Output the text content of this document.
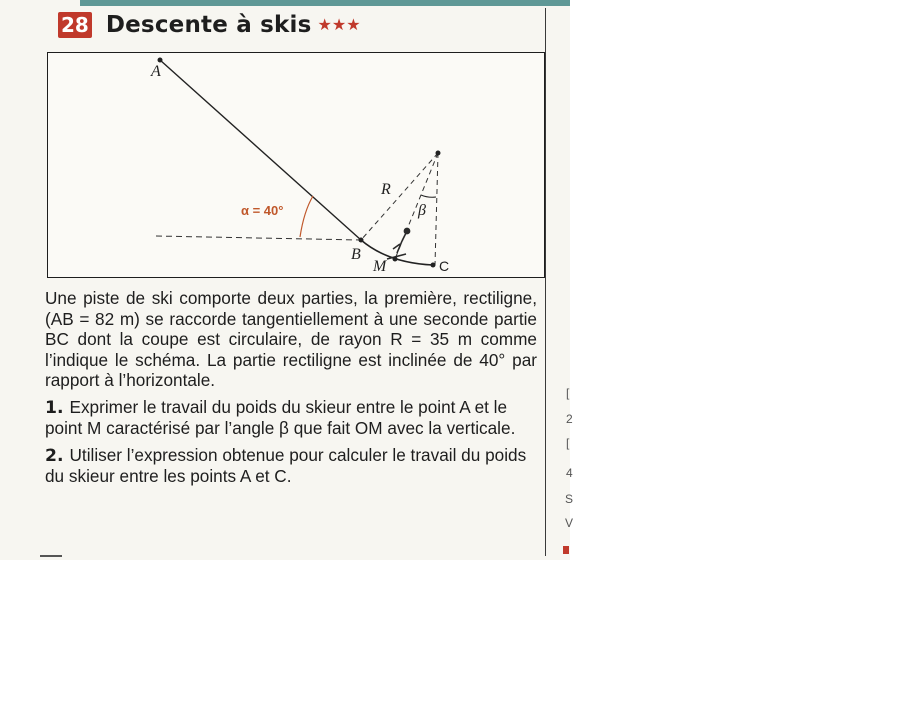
28 Descente à skis ★★★
A
B
C
M
R
β
α = 40°

Une piste de ski comporte deux parties, la première, rectiligne, (AB = 82 m) se raccorde tangentiellement à une seconde partie BC dont la coupe est circulaire, de rayon R = 35 m comme l’indique le schéma. La partie rectiligne est inclinée de 40° par rapport à l’horizontale.

1. Exprimer le travail du poids du skieur entre le point A et le point M caractérisé par l’angle β que fait OM avec la verticale.

2. Utiliser l’expression obtenue pour calculer le travail du poids du skieur entre les points A et C.

[
2
[
4
S
V
